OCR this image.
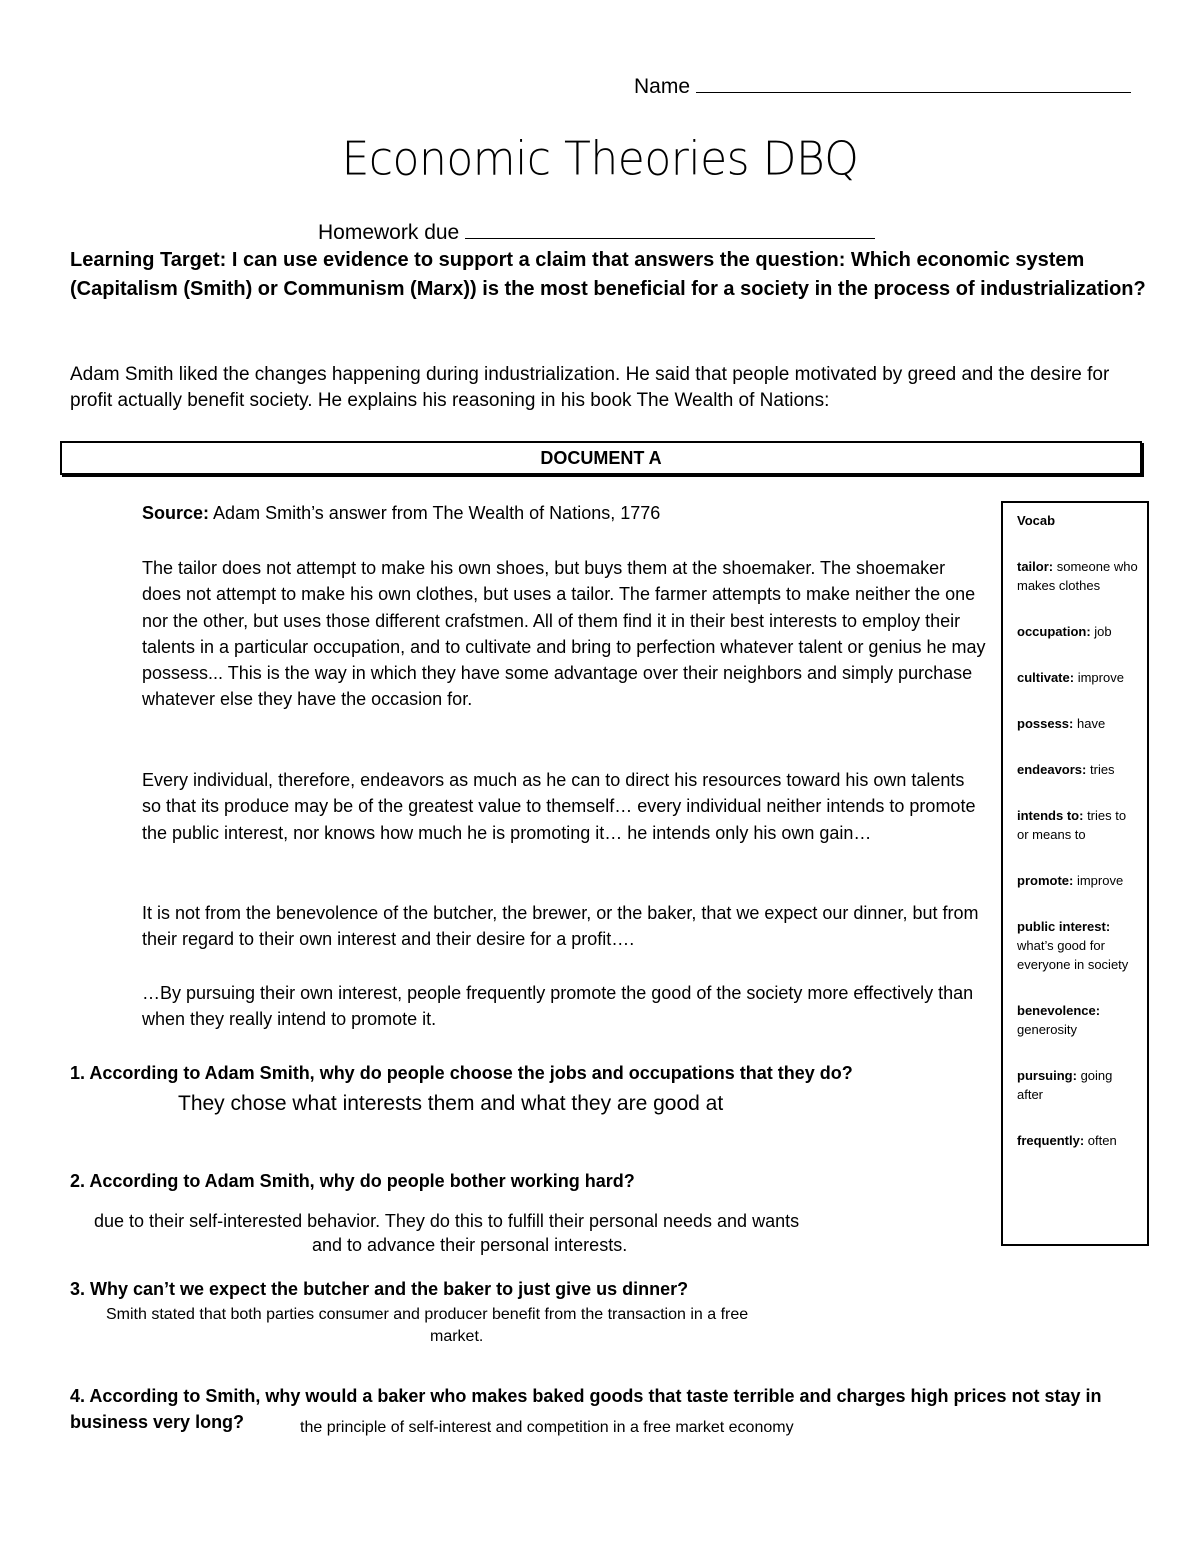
Name
Economic Theories DBQ
Homework due
Learning Target: I can use evidence to support a claim that answers the question: Which economic system (Capitalism (Smith) or Communism (Marx)) is the most beneficial for a society in the process of industrialization?
Adam Smith liked the changes happening during industrialization. He said that people motivated by greed and the desire for profit actually benefit society. He explains his reasoning in his book The Wealth of Nations:
DOCUMENT A
Source: Adam Smith’s answer from The Wealth of Nations, 1776
The tailor does not attempt to make his own shoes, but buys them at the shoemaker. The shoemaker does not attempt to make his own clothes, but uses a tailor. The farmer attempts to make neither the one nor the other, but uses those different crafstmen. All of them find it in their best interests to employ their talents in a particular occupation, and to cultivate and bring to perfection whatever talent or genius he may possess... This is the way in which they have some advantage over their neighbors and simply purchase whatever else they have the occasion for.
Every individual, therefore, endeavors as much as he can to direct his resources toward his own talents so that its produce may be of the greatest value to themself… every individual neither intends to promote the public interest, nor knows how much he is promoting it… he intends only his own gain…
It is not from the benevolence of the butcher, the brewer, or the baker, that we expect our dinner, but from their regard to their own interest and their desire for a profit….
…By pursuing their own interest, people frequently promote the good of the society more effectively than when they really intend to promote it.
Vocab
tailor: someone who makes clothes
occupation: job
cultivate: improve
possess: have
endeavors: tries
intends to: tries to or means to
promote: improve
public interest: what’s good for everyone in society
benevolence: generosity
pursuing: going after
frequently: often
1. According to Adam Smith, why do people choose the jobs and occupations that they do?
They chose what interests them and what they are good at
2. According to Adam Smith, why do people bother working hard?
due to their self-interested behavior. They do this to fulfill their personal needs and wants
and to advance their personal interests.
3. Why can’t we expect the butcher and the baker to just give us dinner?
Smith stated that both parties consumer and producer benefit from the transaction in a free
market.
4. According to Smith, why would a baker who makes baked goods that taste terrible and charges high prices not stay in business very long?	the principle of self-interest and competition in a free market economy
